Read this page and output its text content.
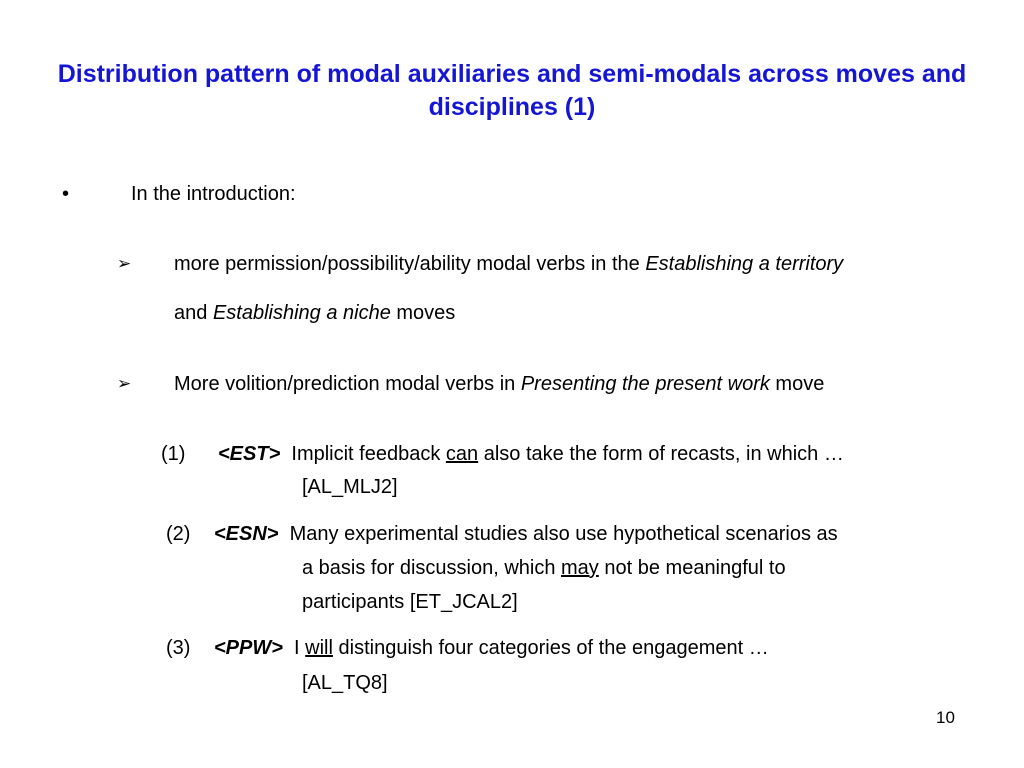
Distribution pattern of modal auxiliaries and semi-modals across moves and disciplines (1)
•	In the introduction:
➢ more permission/possibility/ability modal verbs in the Establishing a territory
and Establishing a niche moves
➢ More volition/prediction modal verbs in Presenting the present work move
(1) <EST> Implicit feedback can also take the form of recasts, in which …
[AL_MLJ2]
(2) <ESN> Many experimental studies also use hypothetical scenarios as
a basis for discussion, which may not be meaningful to
participants [ET_JCAL2]
(3) <PPW> I will distinguish four categories of the engagement …
[AL_TQ8]
10
